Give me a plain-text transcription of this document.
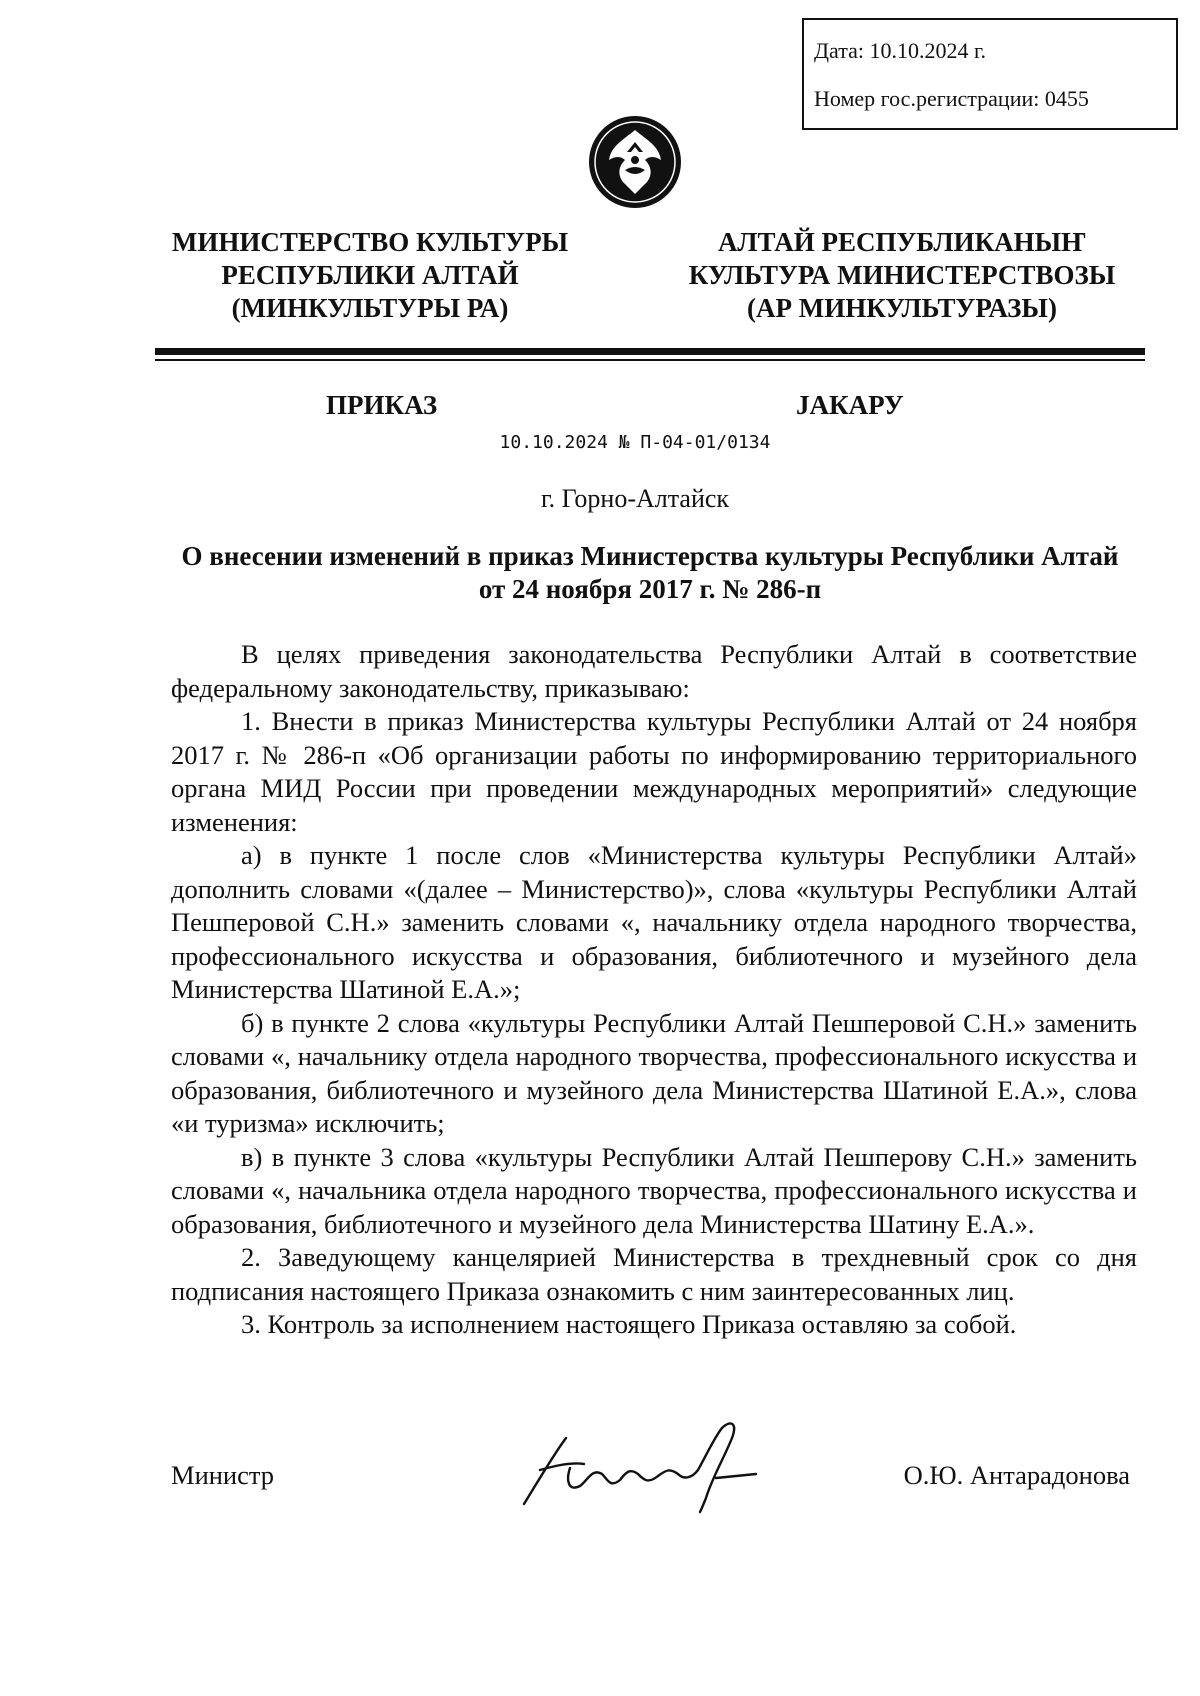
Дата: 10.10.2024 г.
Номер гос.регистрации: 0455
МИНИСТЕРСТВО КУЛЬТУРЫ
РЕСПУБЛИКИ АЛТАЙ
(МИНКУЛЬТУРЫ РА)
АЛТАЙ РЕСПУБЛИКАНЫҤ
КУЛЬТУРА МИНИСТЕРСТВОЗЫ
(АР МИНКУЛЬТУРАЗЫ)
ПРИКАЗ	JАКАРУ
10.10.2024 № П-04-01/0134
г. Горно-Алтайск
О внесении изменений в приказ Министерства культуры Республики Алтай от 24 ноября 2017 г. № 286-п

В целях приведения законодательства Республики Алтай в соответствие федеральному законодательству, приказываю:

1. Внести в приказ Министерства культуры Республики Алтай от 24 ноября 2017 г. № 286-п «Об организации работы по информированию территориального органа МИД России при проведении международных мероприятий» следующие изменения:

а) в пункте 1 после слов «Министерства культуры Республики Алтай» дополнить словами «(далее – Министерство)», слова «культуры Республики Алтай Пешперовой С.Н.» заменить словами «, начальнику отдела народного творчества, профессионального искусства и образования, библиотечного и музейного дела Министерства Шатиной Е.А.»;

б) в пункте 2 слова «культуры Республики Алтай Пешперовой С.Н.» заменить словами «, начальнику отдела народного творчества, профессионального искусства и образования, библиотечного и музейного дела Министерства Шатиной Е.А.», слова «и туризма» исключить;

в) в пункте 3 слова «культуры Республики Алтай Пешперову С.Н.» заменить словами «, начальника отдела народного творчества, профессионального искусства и образования, библиотечного и музейного дела Министерства Шатину Е.А.».

2. Заведующему канцелярией Министерства в трехдневный срок со дня подписания настоящего Приказа ознакомить с ним заинтересованных лиц.

3. Контроль за исполнением настоящего Приказа оставляю за собой.

Министр	О.Ю. Антарадонова
